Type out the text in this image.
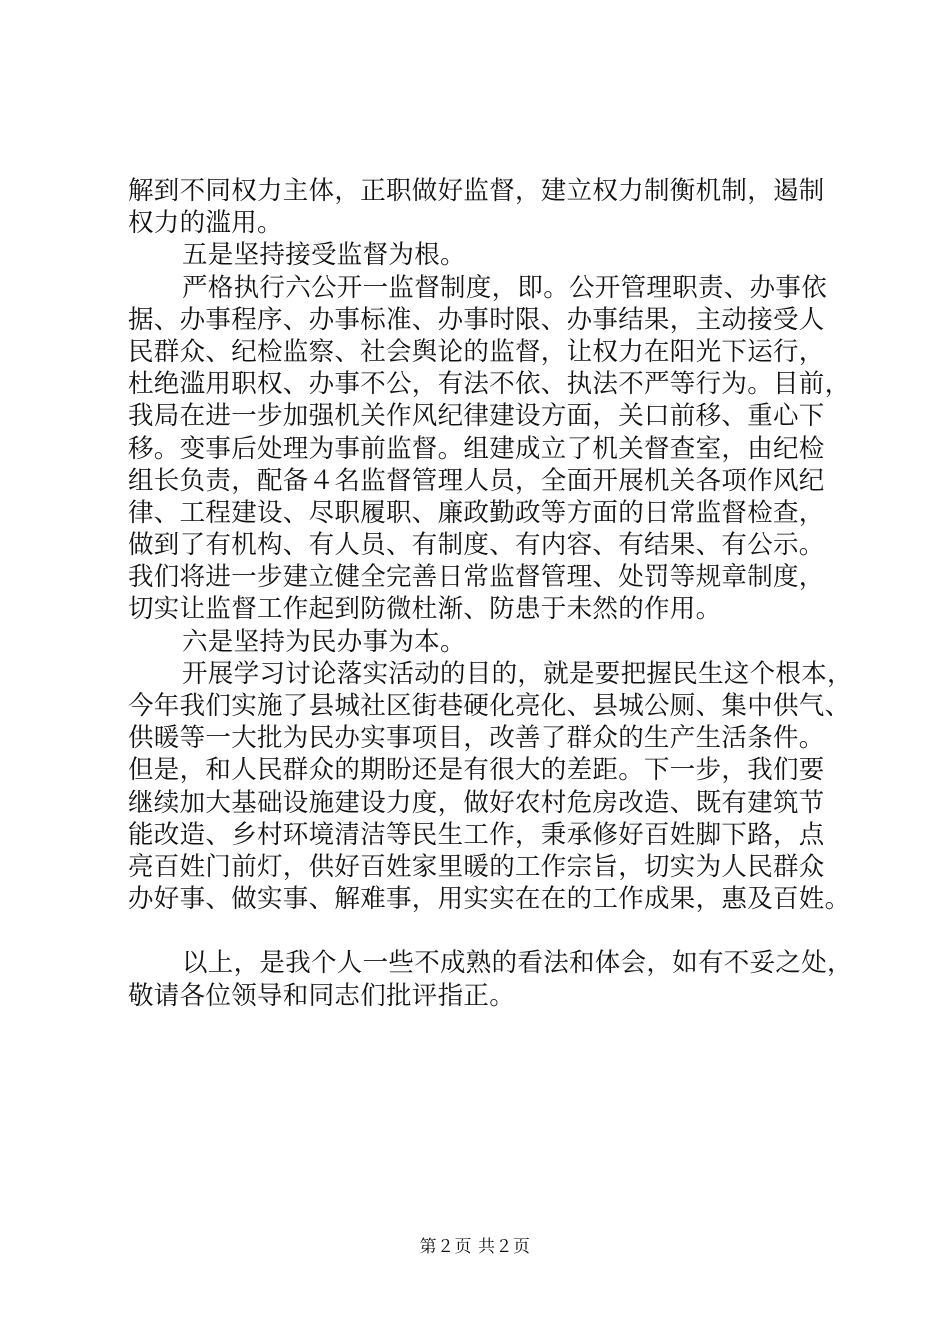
解到不同权力主体，正职做好监督，建立权力制衡机制，遏制
权力的滥用。
五是坚持接受监督为根。
严格执行六公开一监督制度，即。公开管理职责、办事依
据、办事程序、办事标准、办事时限、办事结果，主动接受人
民群众、纪检监察、社会舆论的监督，让权力在阳光下运行，
杜绝滥用职权、办事不公，有法不依、执法不严等行为。目前，
我局在进一步加强机关作风纪律建设方面，关口前移、重心下
移。变事后处理为事前监督。组建成立了机关督查室，由纪检
组长负责，配备４名监督管理人员，全面开展机关各项作风纪
律、工程建设、尽职履职、廉政勤政等方面的日常监督检查，
做到了有机构、有人员、有制度、有内容、有结果、有公示。
我们将进一步建立健全完善日常监督管理、处罚等规章制度，
切实让监督工作起到防微杜渐、防患于未然的作用。
六是坚持为民办事为本。
开展学习讨论落实活动的目的，就是要把握民生这个根本，
今年我们实施了县城社区街巷硬化亮化、县城公厕、集中供气、
供暖等一大批为民办实事项目，改善了群众的生产生活条件。
但是，和人民群众的期盼还是有很大的差距。下一步，我们要
继续加大基础设施建设力度，做好农村危房改造、既有建筑节
能改造、乡村环境清洁等民生工作，秉承修好百姓脚下路，点
亮百姓门前灯，供好百姓家里暖的工作宗旨，切实为人民群众
办好事、做实事、解难事，用实实在在的工作成果，惠及百姓。
以上，是我个人一些不成熟的看法和体会，如有不妥之处，
敬请各位领导和同志们批评指正。
第２页 共２页
